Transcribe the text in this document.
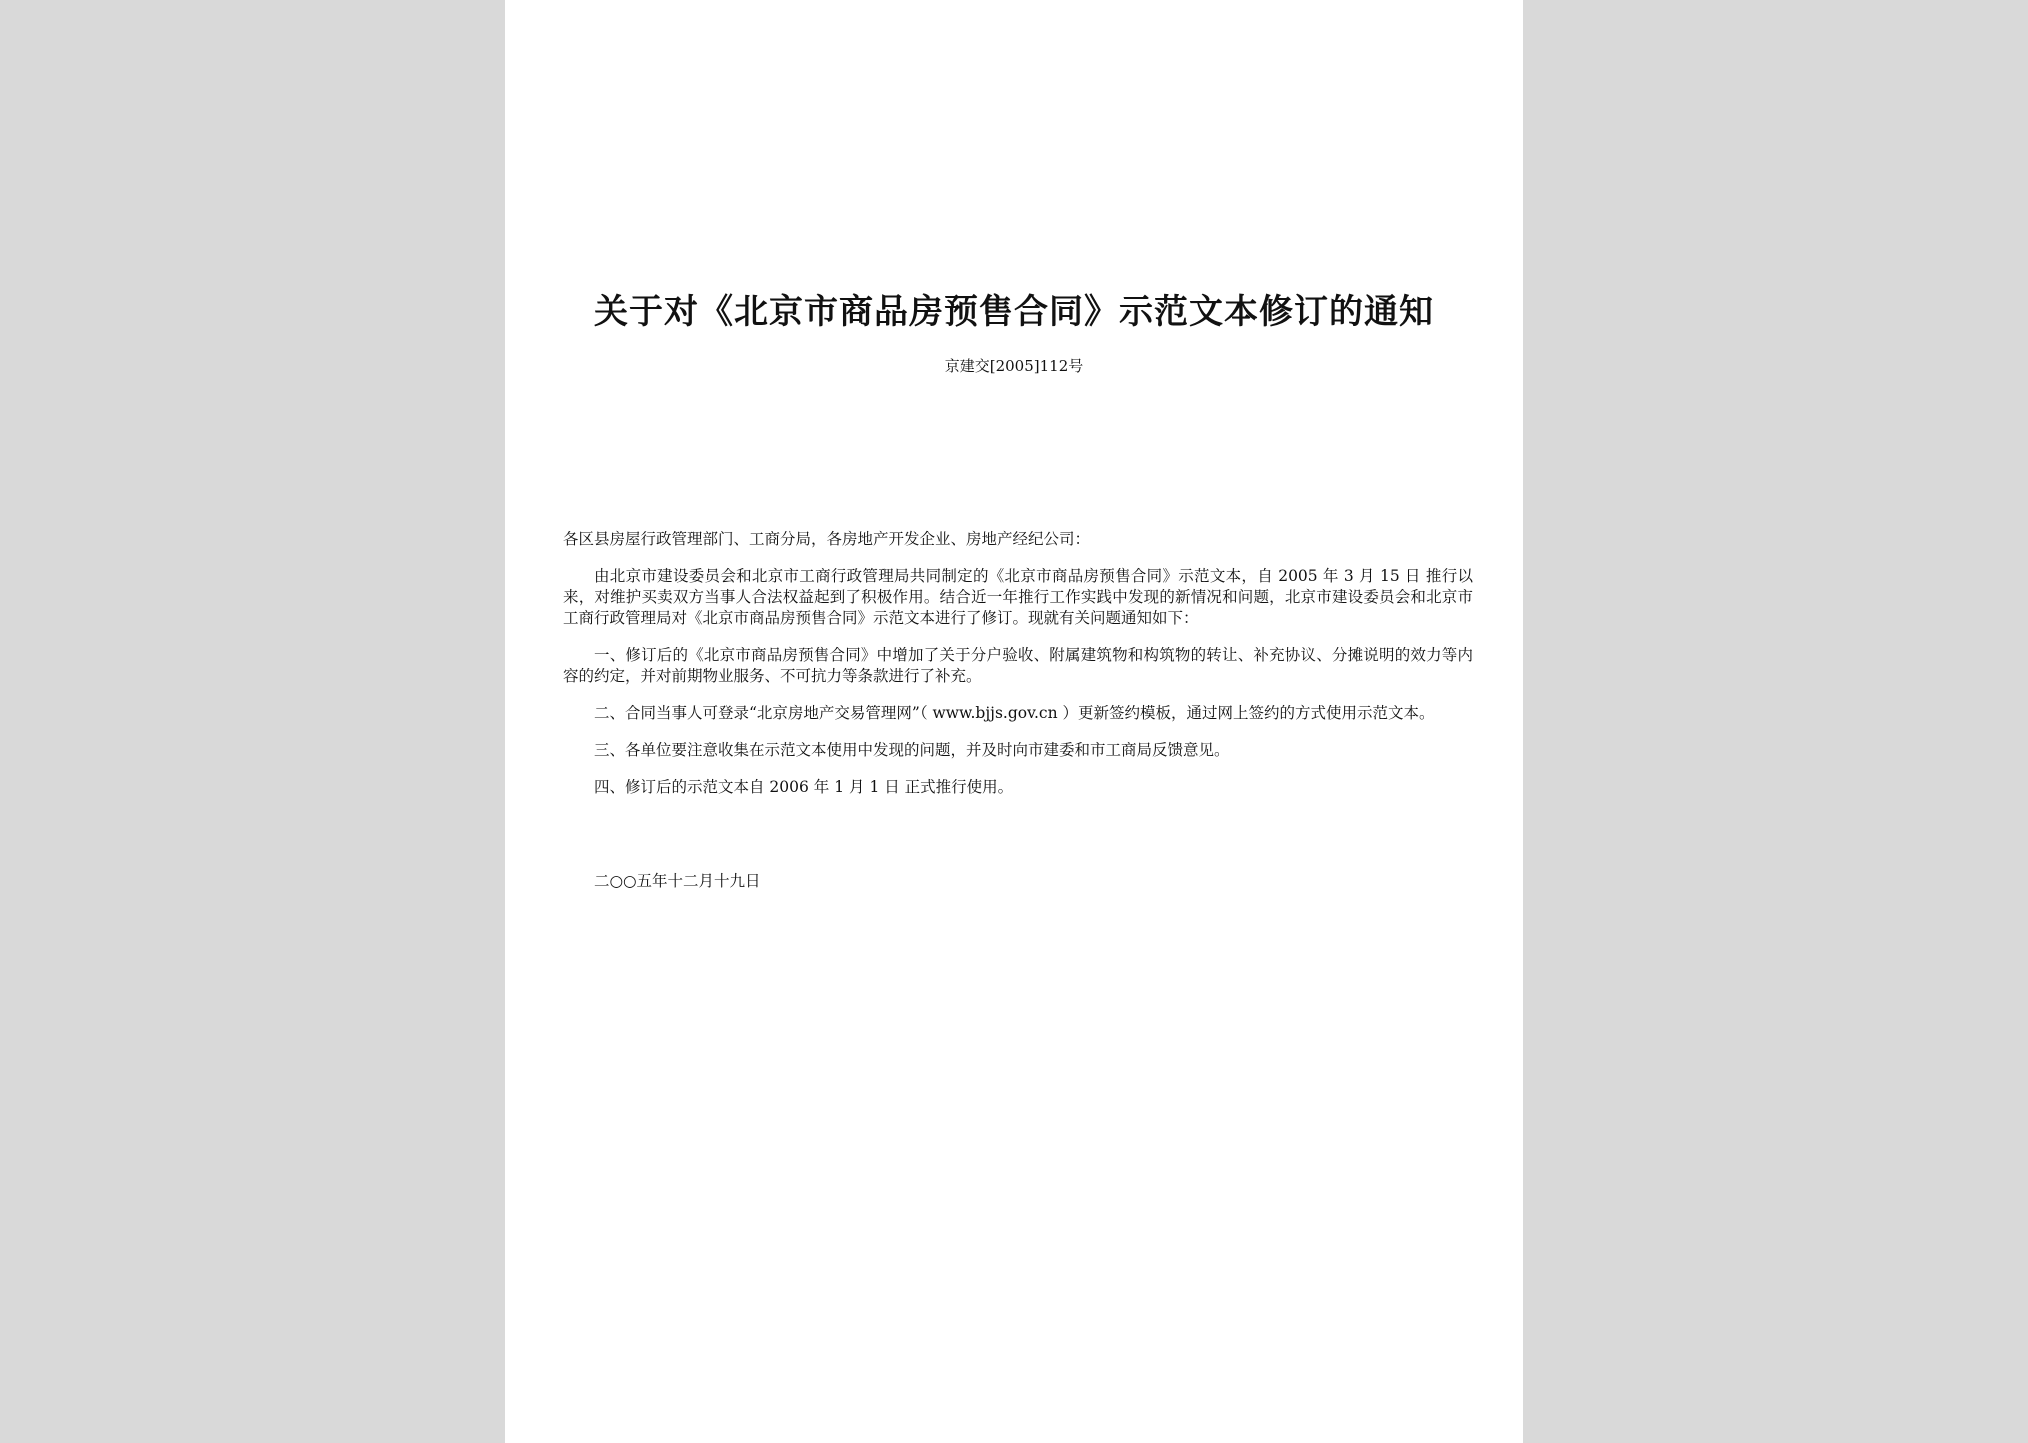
关于对《北京市商品房预售合同》示范文本修订的通知
京建交[2005]112号

各区县房屋行政管理部门、工商分局，各房地产开发企业、房地产经纪公司：

由北京市建设委员会和北京市工商行政管理局共同制定的《北京市商品房预售合同》示范文本，自 2005 年 3 月 15 日 推行以来，对维护买卖双方当事人合法权益起到了积极作用。结合近一年推行工作实践中发现的新情况和问题，北京市建设委员会和北京市工商行政管理局对《北京市商品房预售合同》示范文本进行了修订。现就有关问题通知如下：

一、修订后的《北京市商品房预售合同》中增加了关于分户验收、附属建筑物和构筑物的转让、补充协议、分摊说明的效力等内容的约定，并对前期物业服务、不可抗力等条款进行了补充。

二、合同当事人可登录“北京房地产交易管理网”（ www.bjjs.gov.cn ）更新签约模板，通过网上签约的方式使用示范文本。

三、各单位要注意收集在示范文本使用中发现的问题，并及时向市建委和市工商局反馈意见。

四、修订后的示范文本自 2006 年 1 月 1 日 正式推行使用。

二○○五年十二月十九日
